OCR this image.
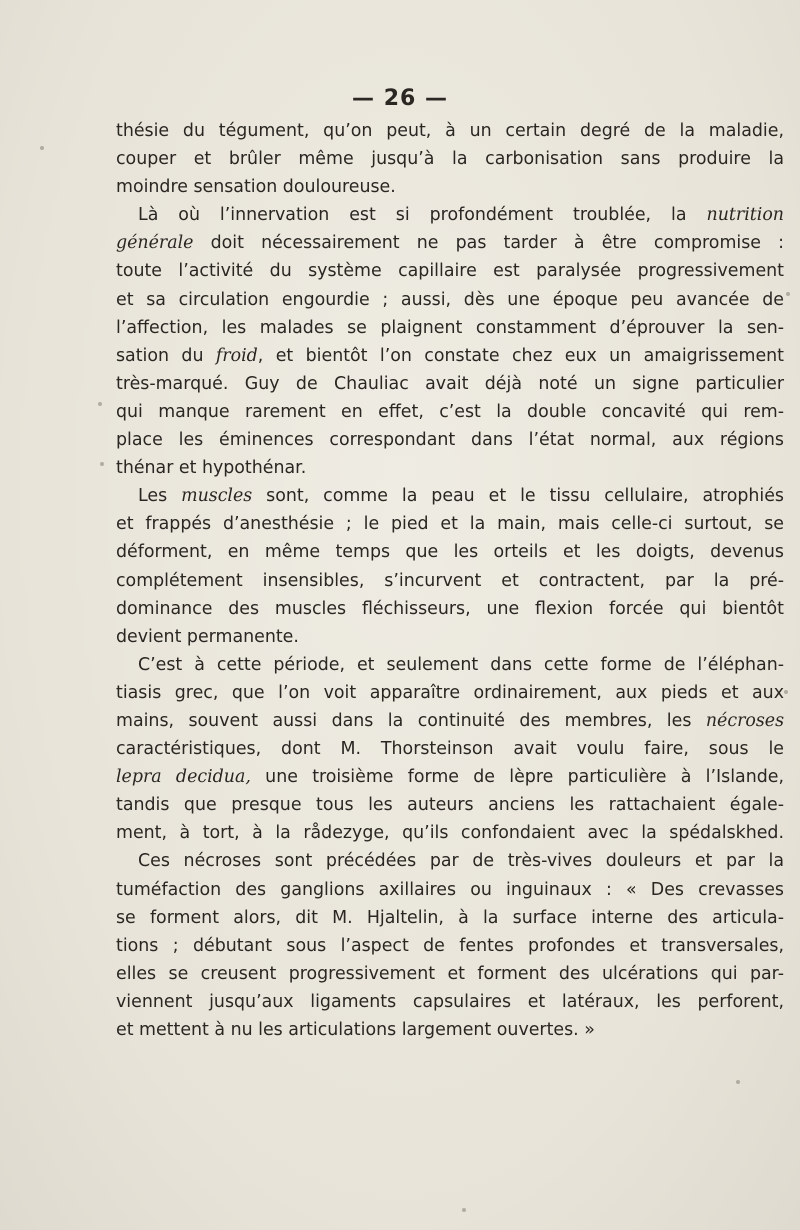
— 26 —
thésie du tégument, qu’on peut, à un certain degré de la maladie,
couper et brûler même jusqu’à la carbonisation sans produire la
moindre sensation douloureuse.
Là où l’innervation est si profondément troublée, la nutrition
générale doit nécessairement ne pas tarder à être compromise :
toute l’activité du système capillaire est paralysée progressivement
et sa circulation engourdie ; aussi, dès une époque peu avancée de
l’affection, les malades se plaignent constamment d’éprouver la sen-
sation du froid, et bientôt l’on constate chez eux un amaigrissement
très-marqué. Guy de Chauliac avait déjà noté un signe particulier
qui manque rarement en effet, c’est la double concavité qui rem-
place les éminences correspondant dans l’état normal, aux régions
thénar et hypothénar.
Les muscles sont, comme la peau et le tissu cellulaire, atrophiés
et frappés d’anesthésie ; le pied et la main, mais celle-ci surtout, se
déforment, en même temps que les orteils et les doigts, devenus
complétement insensibles, s’incurvent et contractent, par la pré-
dominance des muscles fléchisseurs, une flexion forcée qui bientôt
devient permanente.
C’est à cette période, et seulement dans cette forme de l’éléphan-
tiasis grec, que l’on voit apparaître ordinairement, aux pieds et aux
mains, souvent aussi dans la continuité des membres, les nécroses
caractéristiques, dont M. Thorsteinson avait voulu faire, sous le
lepra decidua, une troisième forme de lèpre particulière à l’Islande,
tandis que presque tous les auteurs anciens les rattachaient égale-
ment, à tort, à la rådezyge, qu’ils confondaient avec la spédalskhed.
Ces nécroses sont précédées par de très-vives douleurs et par la
tuméfaction des ganglions axillaires ou inguinaux : « Des crevasses
se forment alors, dit M. Hjaltelin, à la surface interne des articula-
tions ; débutant sous l’aspect de fentes profondes et transversales,
elles se creusent progressivement et forment des ulcérations qui par-
viennent jusqu’aux ligaments capsulaires et latéraux, les perforent,
et mettent à nu les articulations largement ouvertes. »
